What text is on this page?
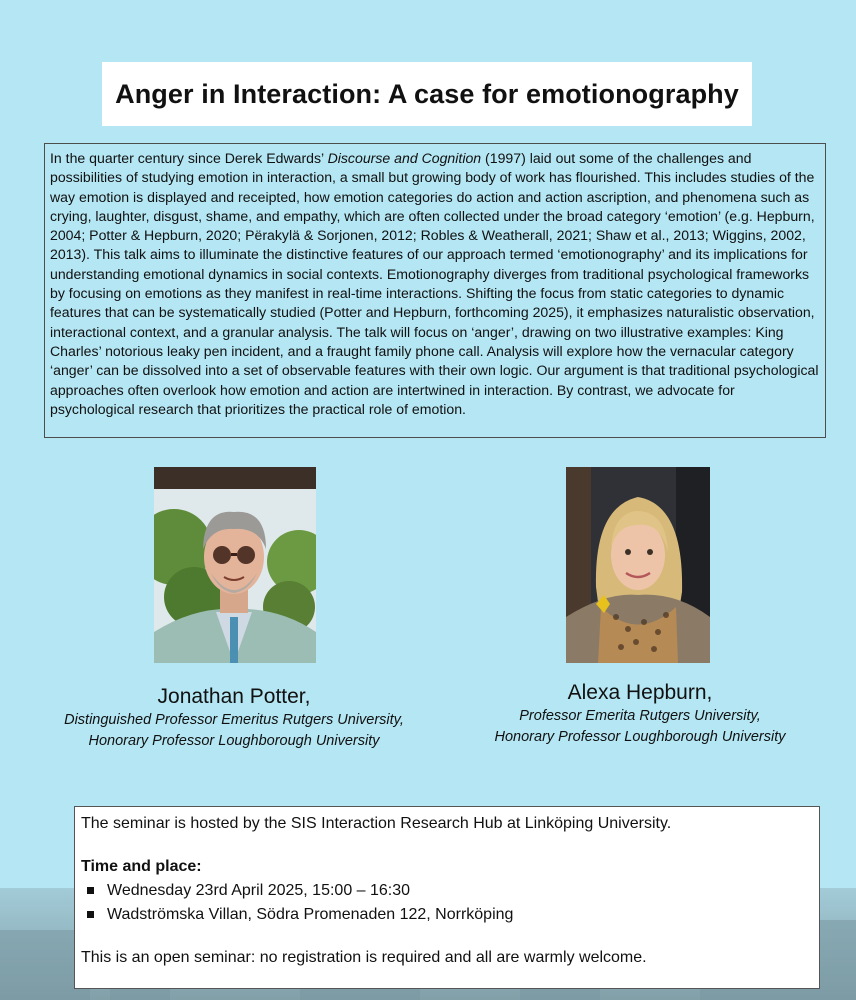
Anger in Interaction: A case for emotionography

In the quarter century since Derek Edwards’ Discourse and Cognition (1997) laid out some of the challenges and possibilities of studying emotion in interaction, a small but growing body of work has flourished. This includes studies of the way emotion is displayed and receipted, how emotion categories do action and action ascription, and phenomena such as crying, laughter, disgust, shame, and empathy, which are often collected under the broad category ‘emotion’ (e.g. Hepburn, 2004; Potter & Hepburn, 2020; Përakylä & Sorjonen, 2012; Robles & Weatherall, 2021; Shaw et al., 2013; Wiggins, 2002, 2013). This talk aims to illuminate the distinctive features of our approach termed ‘emotionography’ and its implications for understanding emotional dynamics in social contexts. Emotionography diverges from traditional psychological frameworks by focusing on emotions as they manifest in real-time interactions. Shifting the focus from static categories to dynamic features that can be systematically studied (Potter and Hepburn, forthcoming 2025), it emphasizes naturalistic observation, interactional context, and a granular analysis. The talk will focus on ‘anger’, drawing on two illustrative examples: King Charles’ notorious leaky pen incident, and a fraught family phone call. Analysis will explore how the vernacular category ‘anger’ can be dissolved into a set of observable features with their own logic. Our argument is that traditional psychological approaches often overlook how emotion and action are intertwined in interaction. By contrast, we advocate for psychological research that prioritizes the practical role of emotion.

Jonathan Potter,
Distinguished Professor Emeritus Rutgers University,
Honorary Professor Loughborough University
Alexa Hepburn,
Professor Emerita Rutgers University,
Honorary Professor Loughborough University
The seminar is hosted by the SIS Interaction Research Hub at Linköping University.
Time and place:
Wednesday 23rd April 2025, 15:00 – 16:30
Wadströmska Villan, Södra Promenaden 122, Norrköping
This is an open seminar: no registration is required and all are warmly welcome.
